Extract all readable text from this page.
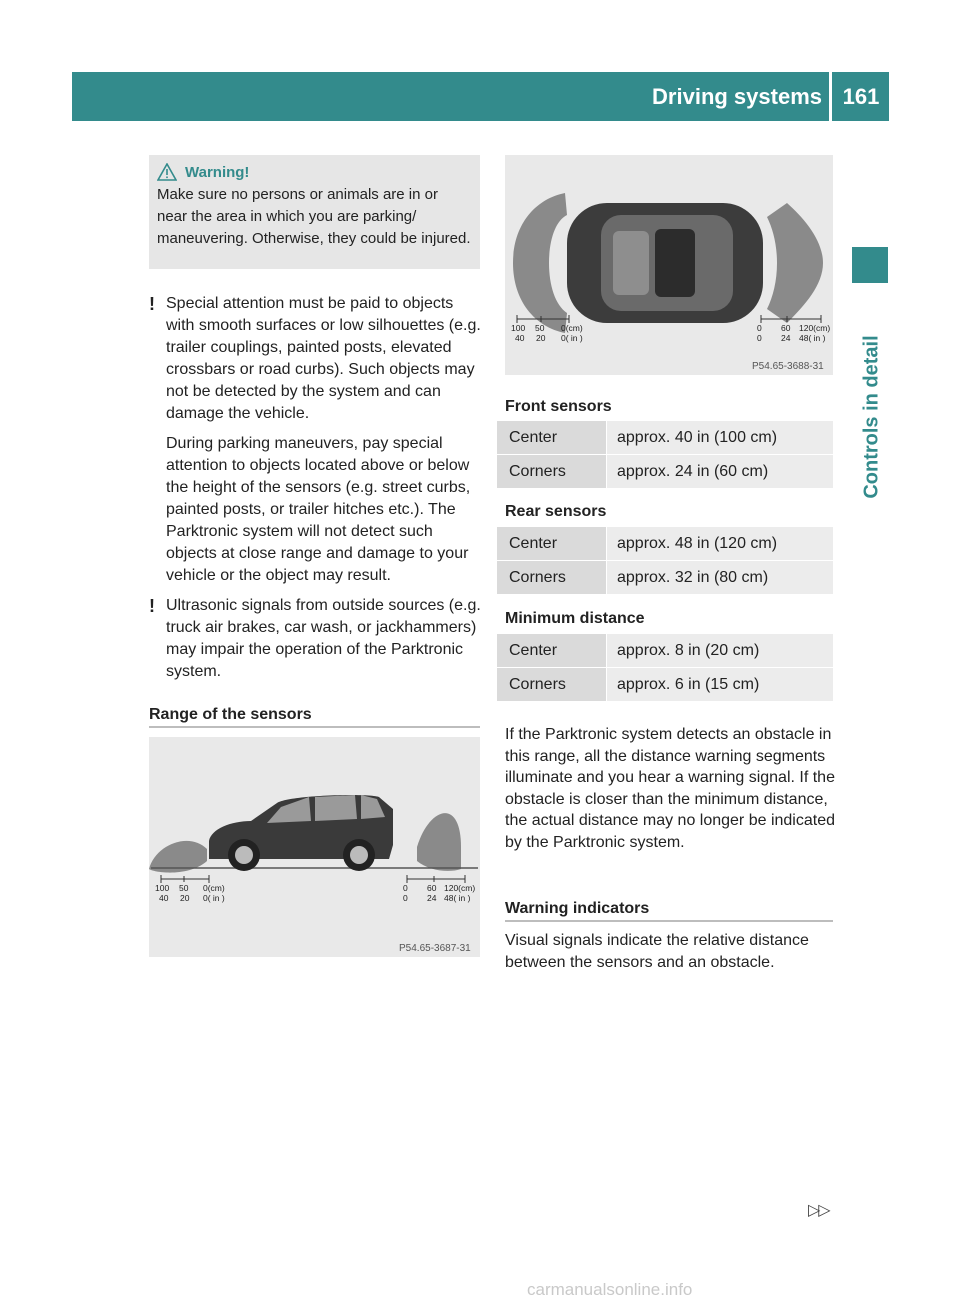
Driving systems 161
Controls in detail
Warning!
Make sure no persons or animals are in or near the area in which you are parking/ maneuvering. Otherwise, they could be injured.
! Special attention must be paid to objects with smooth surfaces or low silhouettes (e.g. trailer couplings, painted posts, elevated crossbars or road curbs). Such objects may not be detected by the system and can damage the vehicle.

During parking maneuvers, pay special attention to objects located above or below the height of the sensors (e.g. street curbs, painted posts, or trailer hitches etc.). The Parktronic system will not detect such objects at close range and damage to your vehicle or the object may result.

! Ultrasonic signals from outside sources (e.g. truck air brakes, car wash, or jackhammers) may impair the operation of the Parktronic system.

Range of the sensors
100 50 0(cm)
40 20 0( in )
0 60 120(cm)
0 24 48( in )
P54.65-3687-31
100 50 0(cm)
40 20 0( in )
0 60 120(cm)
0 24 48( in )
P54.65-3688-31
Front sensors
Center	approx. 40 in (100 cm)
Corners	approx. 24 in (60 cm)
Rear sensors
Center	approx. 48 in (120 cm)
Corners	approx. 32 in (80 cm)
Minimum distance
Center	approx. 8 in (20 cm)
Corners	approx. 6 in (15 cm)
If the Parktronic system detects an obstacle in this range, all the distance warning segments illuminate and you hear a warning signal. If the obstacle is closer than the minimum distance, the actual distance may no longer be indicated by the Parktronic system.
Warning indicators
Visual signals indicate the relative distance between the sensors and an obstacle.
▷▷
carmanualsonline.info
